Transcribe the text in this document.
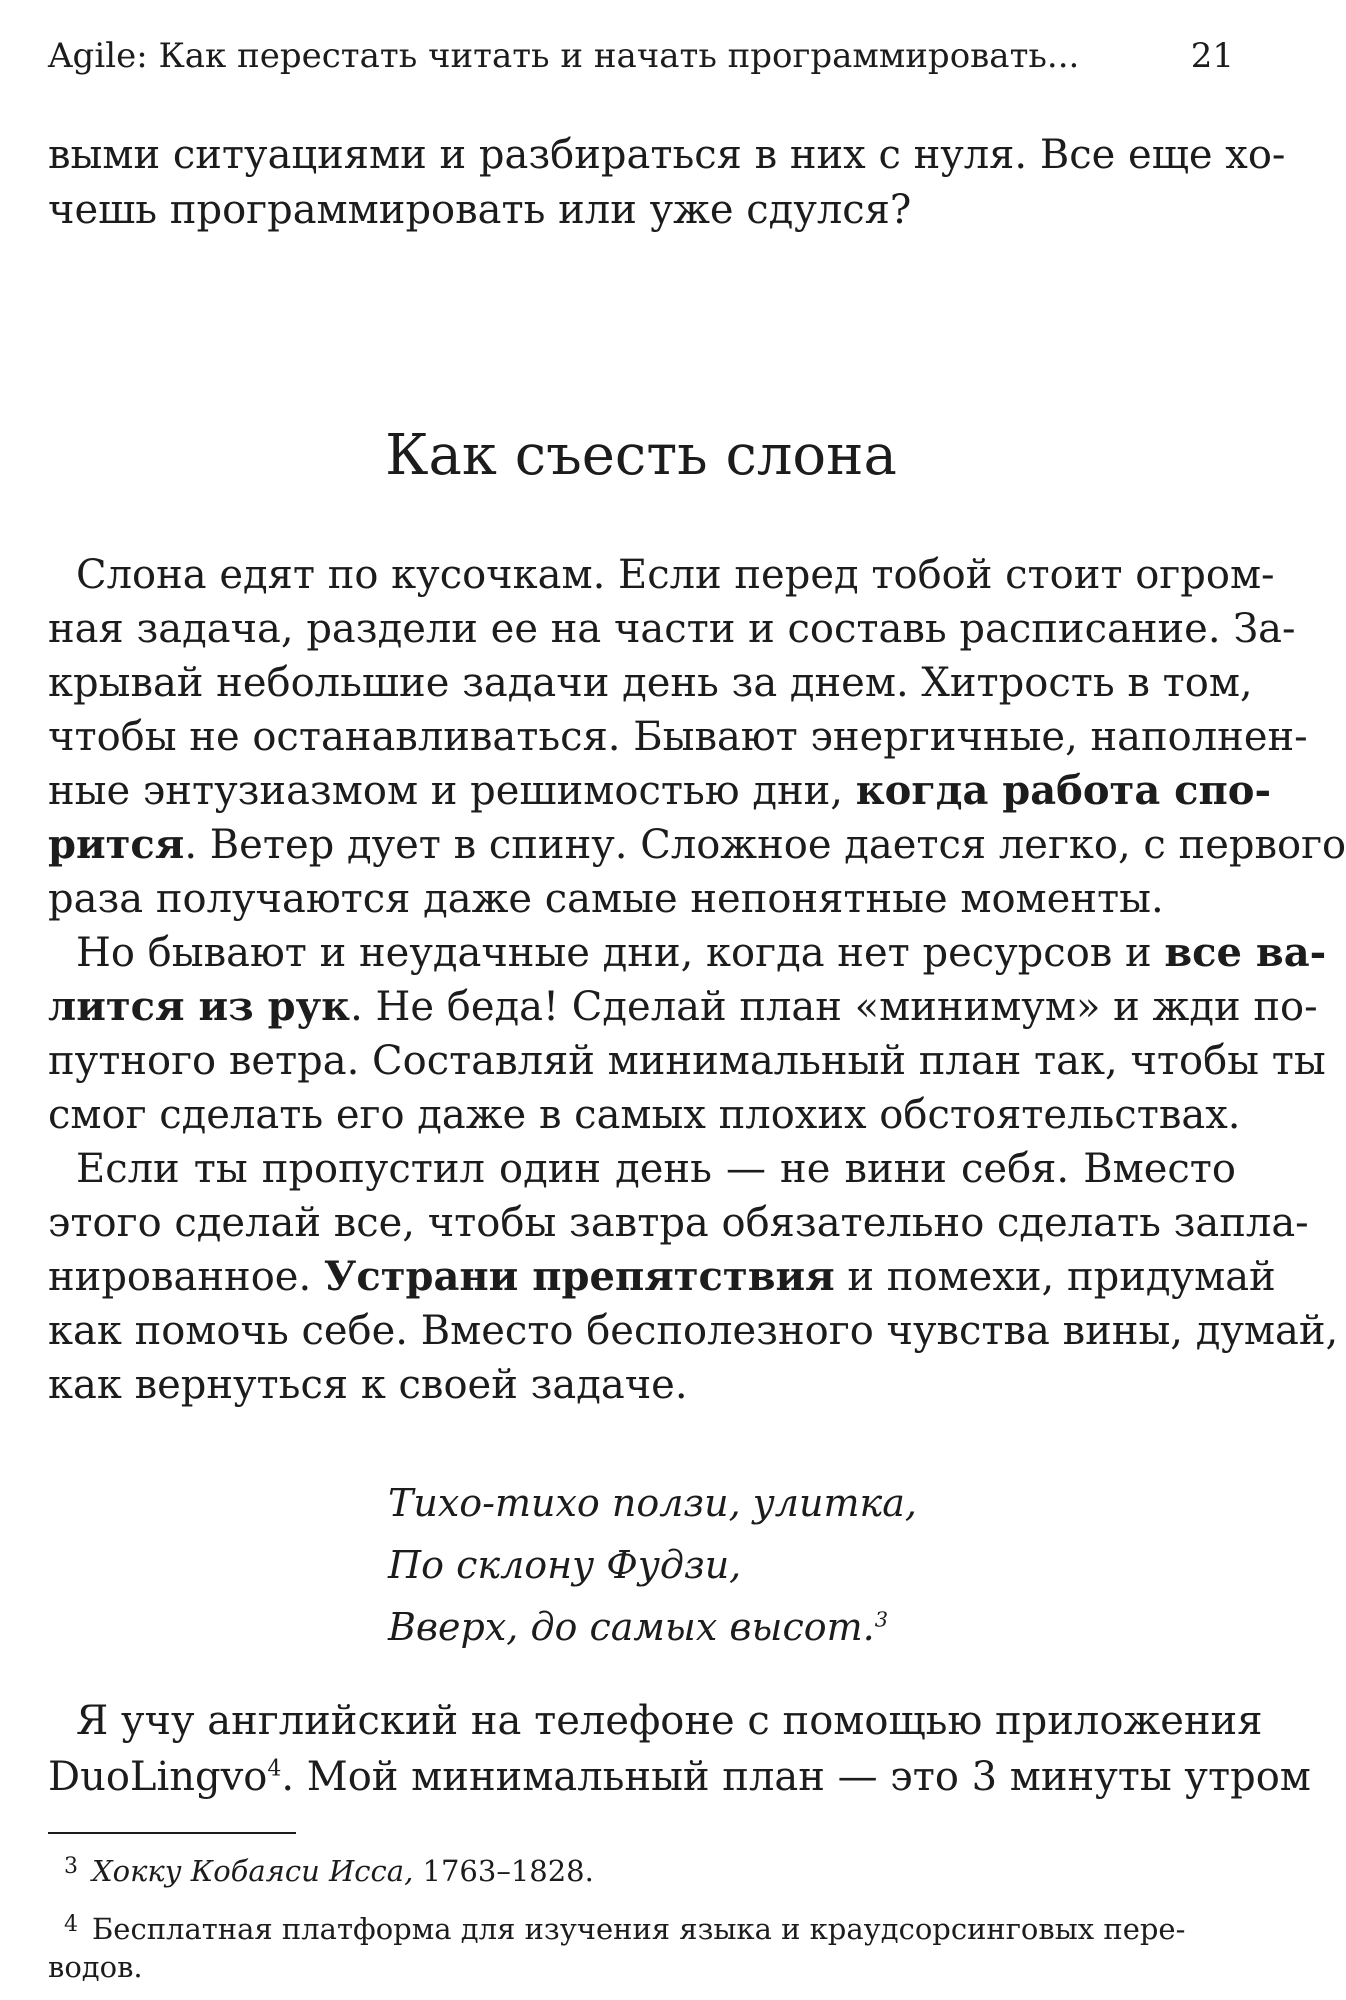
Agile: Как перестать читать и начать программировать...	21
выми ситуациями и разбираться в них с нуля. Все еще хо-
чешь программировать или уже сдулся?
Как съесть слона
Слона едят по кусочкам. Если перед тобой стоит огром-
ная задача, раздели ее на части и составь расписание. За-
крывай небольшие задачи день за днем. Хитрость в том,
чтобы не останавливаться. Бывают энергичные, наполнен-
ные энтузиазмом и решимостью дни, когда работа спо-
рится. Ветер дует в спину. Сложное дается легко, с первого
раза получаются даже самые непонятные моменты.
Но бывают и неудачные дни, когда нет ресурсов и все ва-
лится из рук. Не беда! Сделай план «минимум» и жди по-
путного ветра. Составляй минимальный план так, чтобы ты
смог сделать его даже в самых плохих обстоятельствах.
Если ты пропустил один день — не вини себя. Вместо
этого сделай все, чтобы завтра обязательно сделать запла-
нированное. Устрани препятствия и помехи, придумай
как помочь себе. Вместо бесполезного чувства вины, думай,
как вернуться к своей задаче.
Тихо-тихо ползи, улитка,
По склону Фудзи,
Вверх, до самых высот.$^3$
Я учу английский на телефоне с помощью приложения
DuoLingvo$^4$. Мой минимальный план — это 3 минуты утром
3 Хокку Кобаяси Исса, 1763–1828.
4 Бесплатная платформа для изучения языка и краудсорсинговых пере-
водов.
